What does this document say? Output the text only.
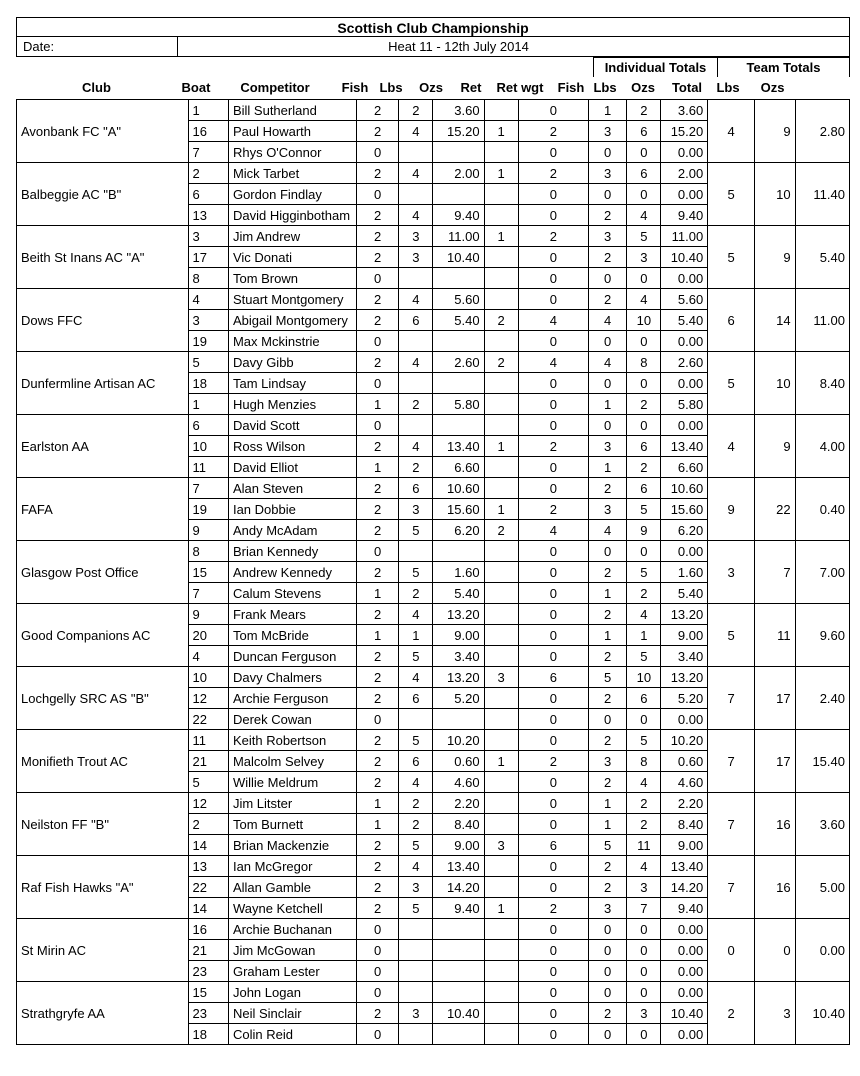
Scottish Club Championship
Date:	Heat 11 - 12th July 2014
Individual Totals	Team Totals
Club	Boat	Competitor	Fish Lbs	Ozs	Ret	Ret wgt	Fish Lbs	Ozs	Total	Lbs	Ozs
Avonbank FC "A"	1	Bill Sutherland	2	2	3.60		0	1	2	3.60	4	9	2.80
	16	Paul Howarth	2	4	15.20	1	2	3	6	15.20			
	7	Rhys O'Connor	0				0	0	0	0.00			
Balbeggie AC "B"	2	Mick Tarbet	2	4	2.00	1	2	3	6	2.00	5	10	11.40
	6	Gordon Findlay	0				0	0	0	0.00			
	13	David Higginbotham	2	4	9.40		0	2	4	9.40			
Beith St Inans AC "A"	3	Jim Andrew	2	3	11.00	1	2	3	5	11.00	5	9	5.40
	17	Vic Donati	2	3	10.40		0	2	3	10.40			
	8	Tom Brown	0				0	0	0	0.00			
Dows FFC	4	Stuart Montgomery	2	4	5.60		0	2	4	5.60	6	14	11.00
	3	Abigail Montgomery	2	6	5.40	2	4	4	10	5.40			
	19	Max Mckinstrie	0				0	0	0	0.00			
Dunfermline Artisan AC	5	Davy Gibb	2	4	2.60	2	4	4	8	2.60	5	10	8.40
	18	Tam Lindsay	0				0	0	0	0.00			
	1	Hugh Menzies	1	2	5.80		0	1	2	5.80			
Earlston AA	6	David Scott	0				0	0	0	0.00	4	9	4.00
	10	Ross Wilson	2	4	13.40	1	2	3	6	13.40			
	11	David Elliot	1	2	6.60		0	1	2	6.60			
FAFA	7	Alan Steven	2	6	10.60		0	2	6	10.60	9	22	0.40
	19	Ian Dobbie	2	3	15.60	1	2	3	5	15.60			
	9	Andy McAdam	2	5	6.20	2	4	4	9	6.20			
Glasgow Post Office	8	Brian Kennedy	0				0	0	0	0.00	3	7	7.00
	15	Andrew Kennedy	2	5	1.60		0	2	5	1.60			
	7	Calum Stevens	1	2	5.40		0	1	2	5.40			
Good Companions AC	9	Frank Mears	2	4	13.20		0	2	4	13.20	5	11	9.60
	20	Tom McBride	1	1	9.00		0	1	1	9.00			
	4	Duncan Ferguson	2	5	3.40		0	2	5	3.40			
Lochgelly SRC AS "B"	10	Davy Chalmers	2	4	13.20	3	6	5	10	13.20	7	17	2.40
	12	Archie Ferguson	2	6	5.20		0	2	6	5.20			
	22	Derek Cowan	0				0	0	0	0.00			
Monifieth Trout AC	11	Keith Robertson	2	5	10.20		0	2	5	10.20	7	17	15.40
	21	Malcolm Selvey	2	6	0.60	1	2	3	8	0.60			
	5	Willie Meldrum	2	4	4.60		0	2	4	4.60			
Neilston FF "B"	12	Jim Litster	1	2	2.20		0	1	2	2.20	7	16	3.60
	2	Tom Burnett	1	2	8.40		0	1	2	8.40			
	14	Brian Mackenzie	2	5	9.00	3	6	5	11	9.00			
Raf Fish Hawks "A"	13	Ian McGregor	2	4	13.40		0	2	4	13.40	7	16	5.00
	22	Allan Gamble	2	3	14.20		0	2	3	14.20			
	14	Wayne Ketchell	2	5	9.40	1	2	3	7	9.40			
St Mirin AC	16	Archie Buchanan	0				0	0	0	0.00	0	0	0.00
	21	Jim McGowan	0				0	0	0	0.00			
	23	Graham Lester	0				0	0	0	0.00			
Strathgryfe AA	15	John Logan	0				0	0	0	0.00	2	3	10.40
	23	Neil Sinclair	2	3	10.40		0	2	3	10.40			
	18	Colin Reid	0				0	0	0	0.00			
